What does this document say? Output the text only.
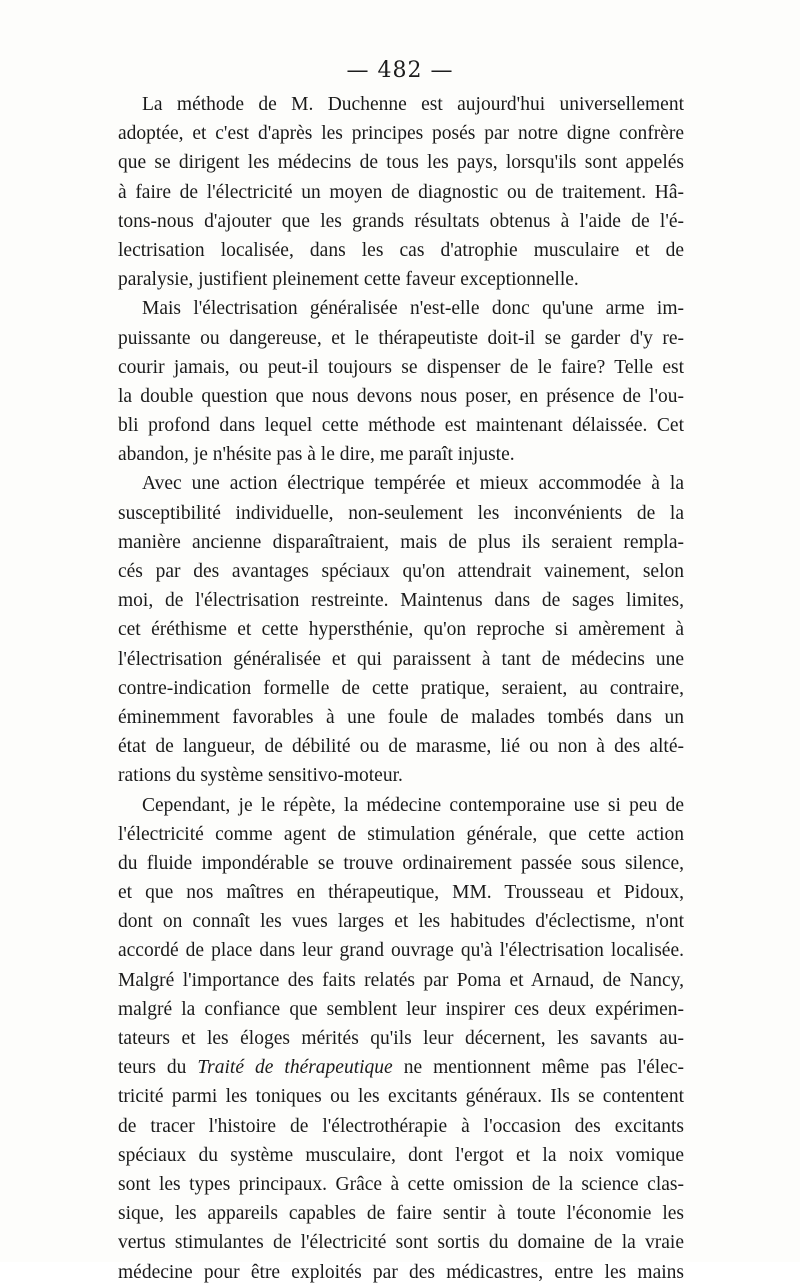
— 482 —
La méthode de M. Duchenne est aujourd'hui universellement
adoptée, et c'est d'après les principes posés par notre digne confrère
que se dirigent les médecins de tous les pays, lorsqu'ils sont appelés
à faire de l'électricité un moyen de diagnostic ou de traitement. Hâ-
tons-nous d'ajouter que les grands résultats obtenus à l'aide de l'é-
lectrisation localisée, dans les cas d'atrophie musculaire et de
paralysie, justifient pleinement cette faveur exceptionnelle.
Mais l'électrisation généralisée n'est-elle donc qu'une arme im-
puissante ou dangereuse, et le thérapeutiste doit-il se garder d'y re-
courir jamais, ou peut-il toujours se dispenser de le faire? Telle est
la double question que nous devons nous poser, en présence de l'ou-
bli profond dans lequel cette méthode est maintenant délaissée. Cet
abandon, je n'hésite pas à le dire, me paraît injuste.
Avec une action électrique tempérée et mieux accommodée à la
susceptibilité individuelle, non-seulement les inconvénients de la
manière ancienne disparaîtraient, mais de plus ils seraient rempla-
cés par des avantages spéciaux qu'on attendrait vainement, selon
moi, de l'électrisation restreinte. Maintenus dans de sages limites,
cet éréthisme et cette hypersthénie, qu'on reproche si amèrement à
l'électrisation généralisée et qui paraissent à tant de médecins une
contre-indication formelle de cette pratique, seraient, au contraire,
éminemment favorables à une foule de malades tombés dans un
état de langueur, de débilité ou de marasme, lié ou non à des alté-
rations du système sensitivo-moteur.
Cependant, je le répète, la médecine contemporaine use si peu de
l'électricité comme agent de stimulation générale, que cette action
du fluide impondérable se trouve ordinairement passée sous silence,
et que nos maîtres en thérapeutique, MM. Trousseau et Pidoux,
dont on connaît les vues larges et les habitudes d'éclectisme, n'ont
accordé de place dans leur grand ouvrage qu'à l'électrisation localisée.
Malgré l'importance des faits relatés par Poma et Arnaud, de Nancy,
malgré la confiance que semblent leur inspirer ces deux expérimen-
tateurs et les éloges mérités qu'ils leur décernent, les savants au-
teurs du Traité de thérapeutique ne mentionnent même pas l'élec-
tricité parmi les toniques ou les excitants généraux. Ils se contentent
de tracer l'histoire de l'électrothérapie à l'occasion des excitants
spéciaux du système musculaire, dont l'ergot et la noix vomique
sont les types principaux. Grâce à cette omission de la science clas-
sique, les appareils capables de faire sentir à toute l'économie les
vertus stimulantes de l'électricité sont sortis du domaine de la vraie
médecine pour être exploités par des médicastres, entre les mains
